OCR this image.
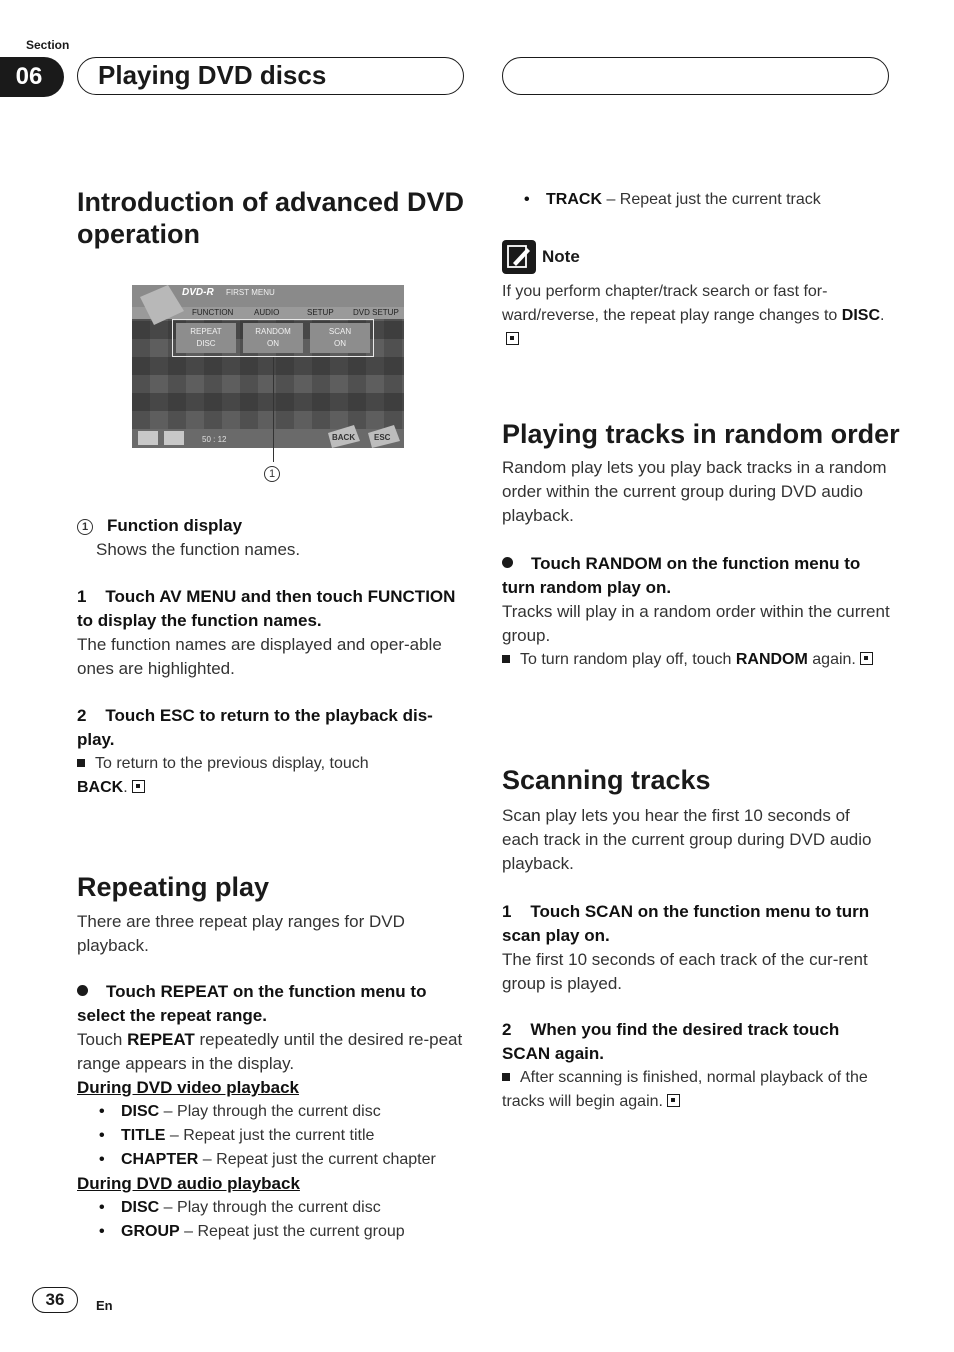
Section
06	Playing DVD discs
Introduction of advanced DVD operation
DVD-R FIRST MENU
FUNCTION	AUDIO	SETUP DVD SETUP
REPEAT
DISC
RANDOM
ON
SCAN
ON
50 : 12	BACK ESC
1
1 Function display
Shows the function names.
1 Touch AV MENU and then touch FUNCTION to display the function names.
The function names are displayed and oper-able ones are highlighted.
2 Touch ESC to return to the playback dis-play.
To return to the previous display, touch
BACK.
Repeating play
There are three repeat play ranges for DVD playback.
Touch REPEAT on the function menu to select the repeat range.
Touch REPEAT repeatedly until the desired re-peat range appears in the display.
During DVD video playback
• DISC – Play through the current disc
• TITLE – Repeat just the current title
• CHAPTER – Repeat just the current chapter
During DVD audio playback
• DISC – Play through the current disc
• GROUP – Repeat just the current group
• TRACK – Repeat just the current track
Note
If you perform chapter/track search or fast for-ward/reverse, the repeat play range changes to DISC.
Playing tracks in random order
Random play lets you play back tracks in a random order within the current group during DVD audio playback.
Touch RANDOM on the function menu to turn random play on.
Tracks will play in a random order within the current group.
To turn random play off, touch RANDOM again.
Scanning tracks
Scan play lets you hear the first 10 seconds of each track in the current group during DVD audio playback.
1 Touch SCAN on the function menu to turn scan play on.
The first 10 seconds of each track of the cur-rent group is played.
2 When you find the desired track touch SCAN again.
After scanning is finished, normal playback of the tracks will begin again.
36	En
